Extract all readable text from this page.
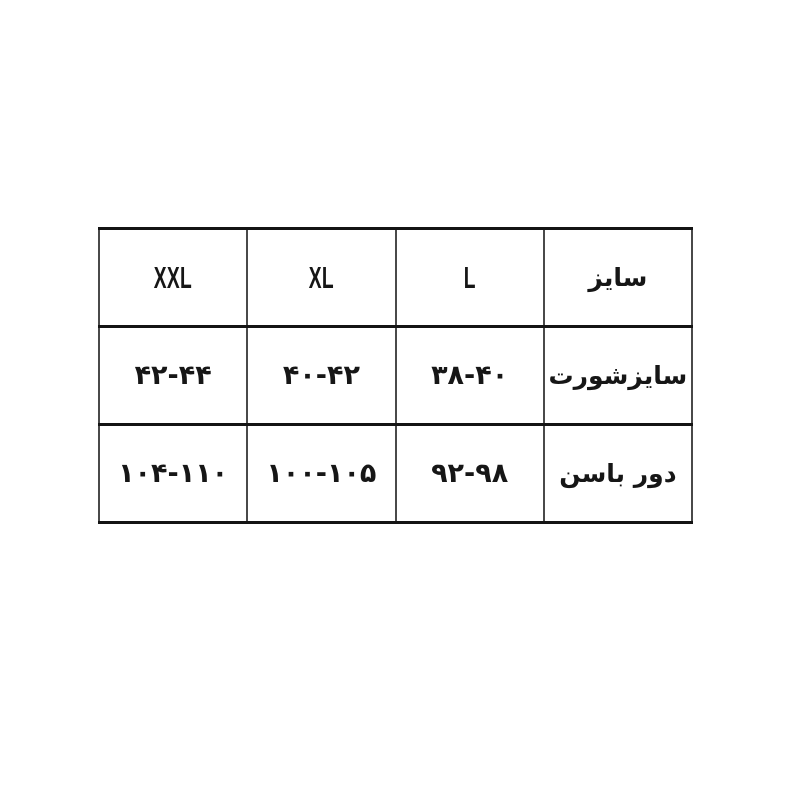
XXL	XL	L	سایز
۴۲-۴۴	۴۰-۴۲	۳۸-۴۰	سایزشورت
۱۰۴-۱۱۰	۱۰۰-۱۰۵	۹۲-۹۸	دور باسن
